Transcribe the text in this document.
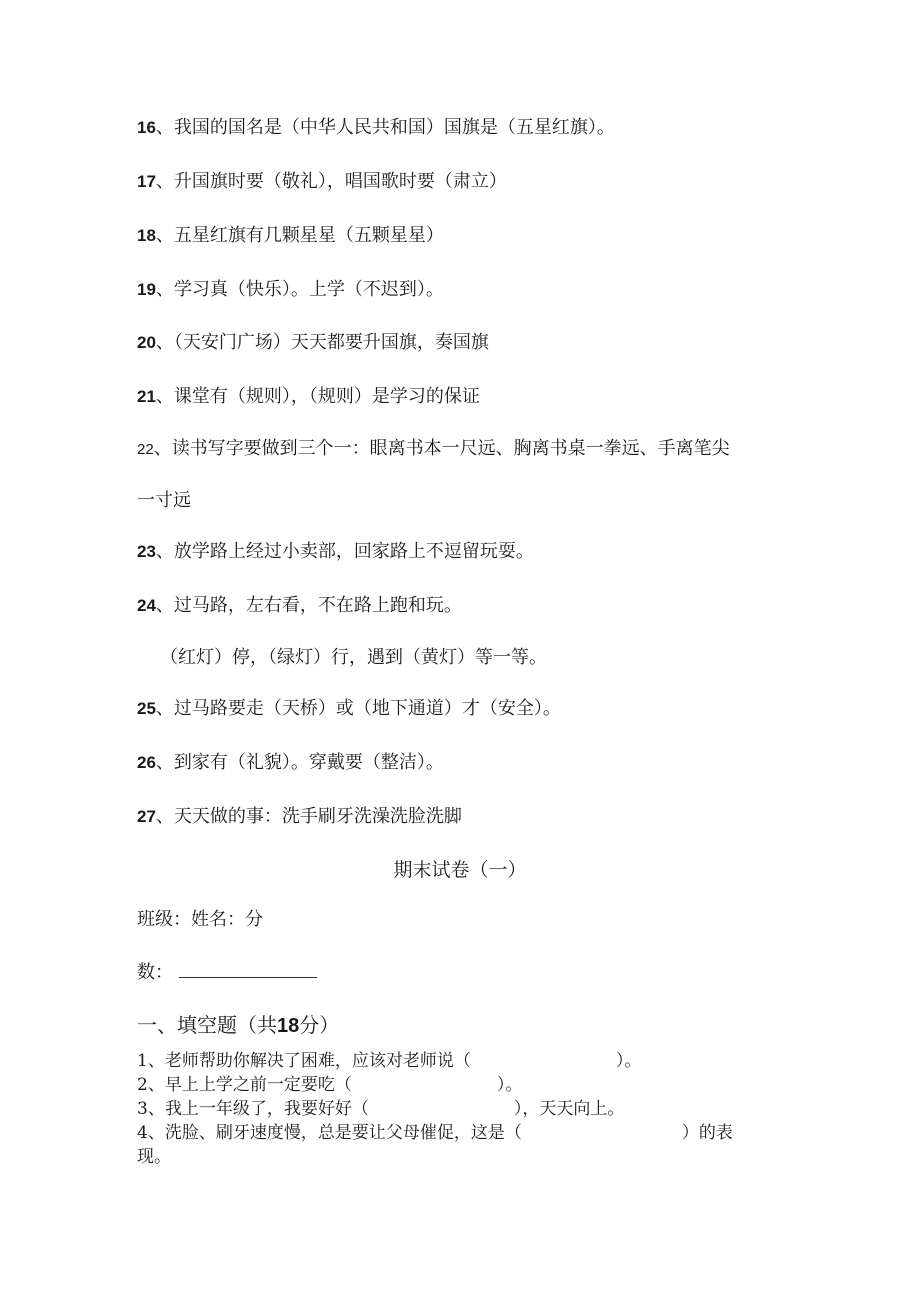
16、我国的国名是（中华人民共和国）国旗是（五星红旗）。
17、升国旗时要（敬礼），唱国歌时要（肃立）
18、五星红旗有几颗星星（五颗星星）
19、学习真（快乐）。上学（不迟到）。
20、（天安门广场）天天都要升国旗，奏国旗
21、课堂有（规则），（规则）是学习的保证
22、读书写字要做到三个一：眼离书本一尺远、胸离书桌一拳远、手离笔尖
一寸远
23、放学路上经过小卖部，回家路上不逗留玩耍。
24、过马路，左右看，不在路上跑和玩。
（红灯）停，（绿灯）行，遇到（黄灯）等一等。
25、过马路要走（天桥）或（地下通道）才（安全）。
26、到家有（礼貌）。穿戴要（整洁）。
27、天天做的事：洗手刷牙洗澡洗脸洗脚
期末试卷（一）
班级：姓名：分
数：
一、填空题（共18分）
1、老师帮助你解决了困难，应该对老师说（	）。
2、早上上学之前一定要吃（	）。
3、我上一年级了，我要好好（	），天天向上。
4、洗脸、刷牙速度慢，总是要让父母催促，这是（	）的表
现。
